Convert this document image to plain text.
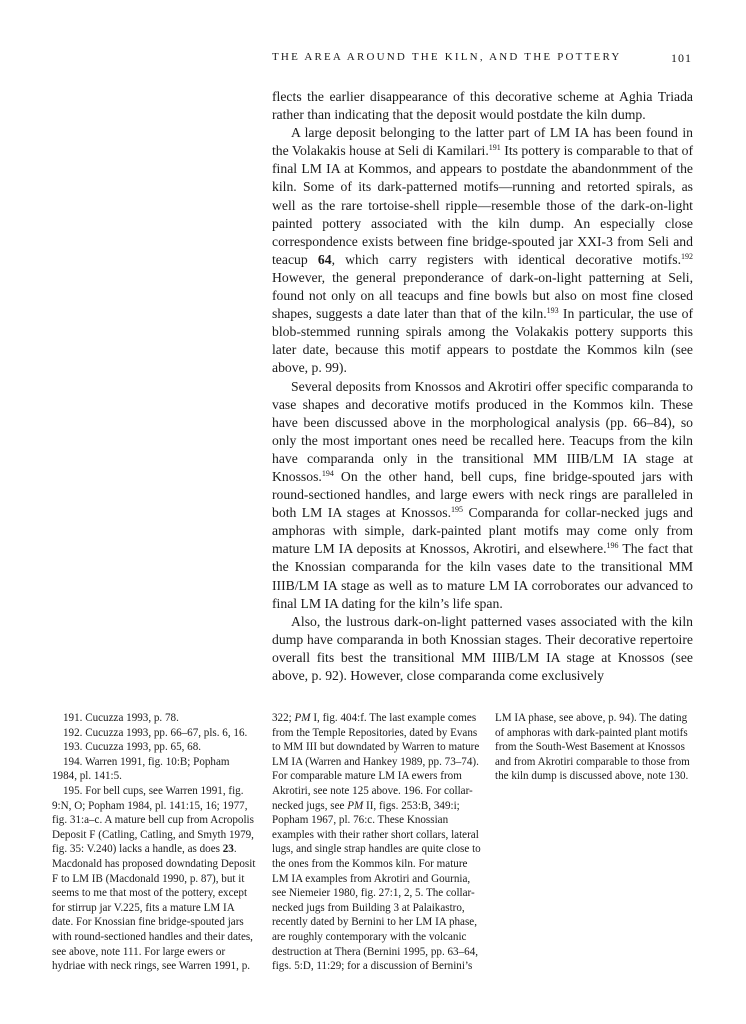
THE AREA AROUND THE KILN, AND THE POTTERY	101

flects the earlier disappearance of this decorative scheme at Aghia Triada rather than indicating that the deposit would postdate the kiln dump.

A large deposit belonging to the latter part of LM IA has been found in the Volakakis house at Seli di Kamilari.$^{191}$ Its pottery is comparable to that of final LM IA at Kommos, and appears to postdate the abandonmment of the kiln. Some of its dark-patterned motifs—running and retorted spirals, as well as the rare tortoise-shell ripple—resemble those of the dark-on-light painted pottery associated with the kiln dump. An especially close correspondence exists between fine bridge-spouted jar XXI-3 from Seli and teacup 64, which carry registers with identical decorative motifs.$^{192}$ However, the general preponderance of dark-on-light patterning at Seli, found not only on all teacups and fine bowls but also on most fine closed shapes, suggests a date later than that of the kiln.$^{193}$ In particular, the use of blob-stemmed running spirals among the Volakakis pottery supports this later date, because this motif appears to postdate the Kommos kiln (see above, p. 99).

Several deposits from Knossos and Akrotiri offer specific comparanda to vase shapes and decorative motifs produced in the Kommos kiln. These have been discussed above in the morphological analysis (pp. 66–84), so only the most important ones need be recalled here. Teacups from the kiln have comparanda only in the transitional MM IIIB/LM IA stage at Knossos.$^{194}$ On the other hand, bell cups, fine bridge-spouted jars with round-sectioned handles, and large ewers with neck rings are paralleled in both LM IA stages at Knossos.$^{195}$ Comparanda for collar-necked jugs and amphoras with simple, dark-painted plant motifs may come only from mature LM IA deposits at Knossos, Akrotiri, and elsewhere.$^{196}$ The fact that the Knossian comparanda for the kiln vases date to the transitional MM IIIB/LM IA stage as well as to mature LM IA corroborates our advanced to final LM IA dating for the kiln’s life span.

Also, the lustrous dark-on-light patterned vases associated with the kiln dump have comparanda in both Knossian stages. Their decorative repertoire overall fits best the transitional MM IIIB/LM IA stage at Knossos (see above, p. 92). However, close comparanda come exclusively

191. Cucuzza 1993, p. 78.

192. Cucuzza 1993, pp. 66–67, pls. 6, 16.

193. Cucuzza 1993, pp. 65, 68.

194. Warren 1991, fig. 10:B; Popham 1984, pl. 141:5.

195. For bell cups, see Warren 1991, fig. 9:N, O; Popham 1984, pl. 141:15, 16; 1977, fig. 31:a–c. A mature bell cup from Acropolis Deposit F (Catling, Catling, and Smyth 1979, fig. 35: V.240) lacks a handle, as does 23. Macdonald has proposed downdating Deposit F to LM IB (Macdonald 1990, p. 87), but it seems to me that most of the pottery, except for stirrup jar V.225, fits a mature LM IA date. For Knossian fine bridge-spouted jars with round-sectioned handles and their dates, see above, note 111. For large ewers or hydriae with neck rings, see Warren 1991, p.

322; PM I, fig. 404:f. The last example comes from the Temple Repositories, dated by Evans to MM III but downdated by Warren to mature LM IA (Warren and Hankey 1989, pp. 73–74). For comparable mature LM IA ewers from Akrotiri, see note 125 above. 196. For collar-necked jugs, see PM II, figs. 253:B, 349:i; Popham 1967, pl. 76:c. These Knossian examples with their rather short collars, lateral lugs, and single strap handles are quite close to the ones from the Kommos kiln. For mature LM IA examples from Akrotiri and Gournia, see Niemeier 1980, fig. 27:1, 2, 5. The collar-necked jugs from Building 3 at Palaikastro, recently dated by Bernini to her LM IA phase, are roughly contemporary with the volcanic destruction at Thera (Bernini 1995, pp. 63–64, figs. 5:D, 11:29; for a discussion of Bernini’s

LM IA phase, see above, p. 94). The dating of amphoras with dark-painted plant motifs from the South-West Basement at Knossos and from Akrotiri comparable to those from the kiln dump is discussed above, note 130.
